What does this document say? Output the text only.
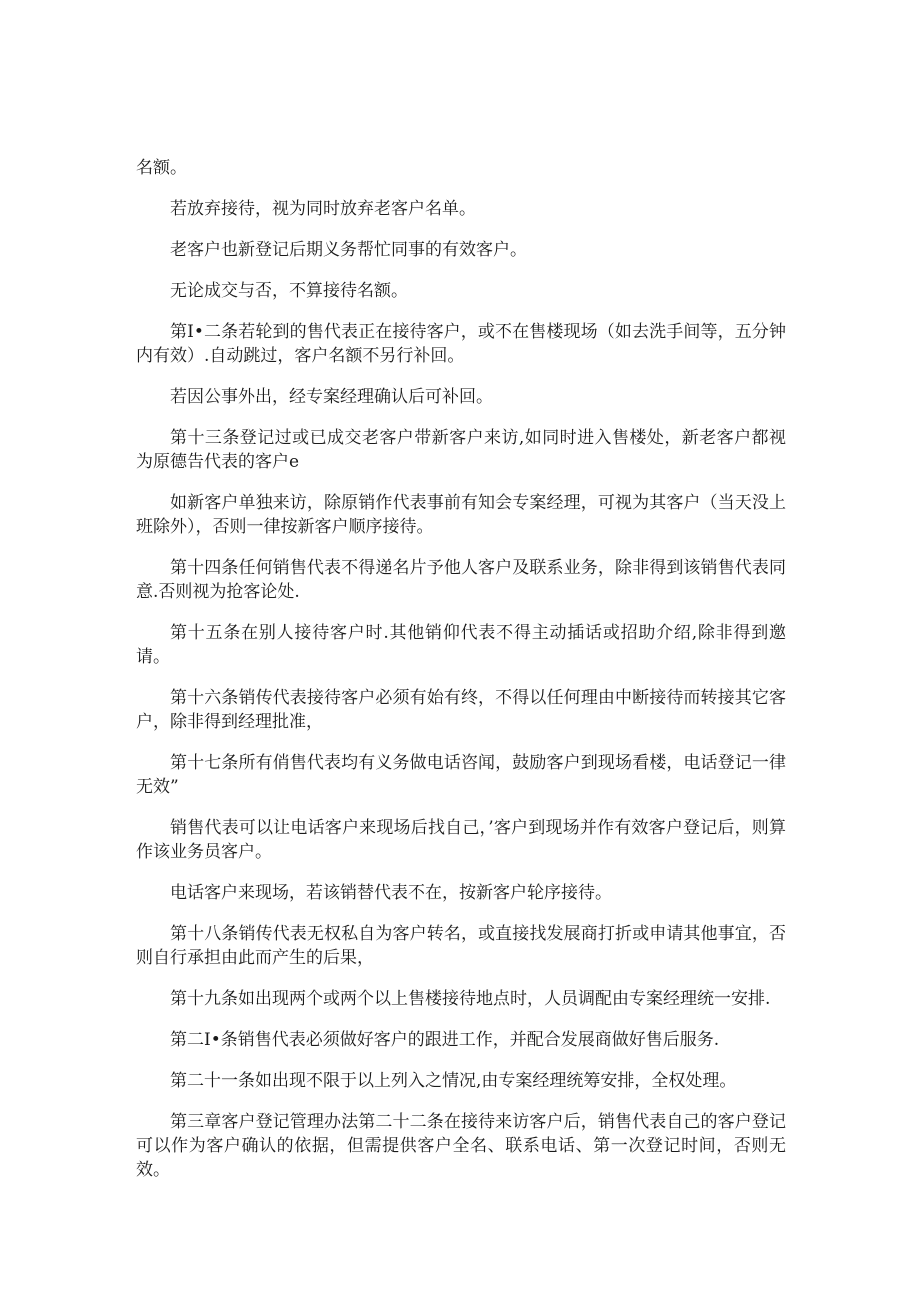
名额。

若放弃接待，视为同时放弃老客户名单。

老客户也新登记后期义务帮忙同事的有效客户。

无论成交与否，不算接待名额。

第I•二条若轮到的售代表正在接待客户，或不在售楼现场（如去洗手间等，五分钟内有效）.自动跳过，客户名额不另行补回。

若因公事外出，经专案经理确认后可补回。

第十三条登记过或已成交老客户带新客户来访,如同时进入售楼处，新老客户都视为原德告代表的客户e

如新客户单独来访，除原销作代表事前有知会专案经理，可视为其客户（当天没上班除外），否则一律按新客户顺序接待。

第十四条任何销售代表不得递名片予他人客户及联系业务，除非得到该销售代表同意.否则视为抢客论处.

第十五条在别人接待客户时.其他销仰代表不得主动插话或招助介绍,除非得到邀请。

第十六条销传代表接待客户必须有始有终，不得以任何理由中断接待而转接其它客户，除非得到经理批准，

第十七条所有俏售代表均有义务做电话咨闻，鼓励客户到现场看楼，电话登记一律无效”

销售代表可以让电话客户来现场后找自己，’客户到现场并作有效客户登记后，则算作该业务员客户。

电话客户来现场，若该销替代表不在，按新客户轮序接待。

第十八条销传代表无权私自为客户转名，或直接找发展商打折或申请其他事宜，否则自行承担由此而产生的后果，

第十九条如出现两个或两个以上售楼接待地点时，人员调配由专案经理统一安排.

第二I•条销售代表必须做好客户的跟进工作，并配合发展商做好售后服务.

第二十一条如出现不限于以上列入之情况,由专案经理统筹安排，全权处理。

第三章客户登记管理办法第二十二条在接待来访客户后，销售代表自己的客户登记可以作为客户确认的依据，但需提供客户全名、联系电话、第一次登记时间，否则无效。
